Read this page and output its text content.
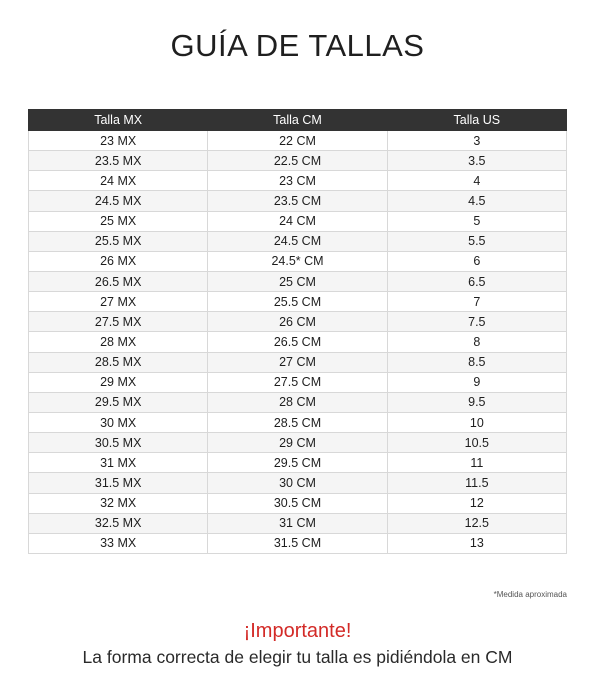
GUÍA DE TALLAS
Talla MX	Talla CM	Talla US
23 MX	22 CM	3
23.5 MX	22.5 CM	3.5
24 MX	23 CM	4
24.5 MX	23.5 CM	4.5
25 MX	24 CM	5
25.5 MX	24.5 CM	5.5
26 MX	24.5* CM	6
26.5 MX	25 CM	6.5
27 MX	25.5 CM	7
27.5 MX	26 CM	7.5
28 MX	26.5 CM	8
28.5 MX	27 CM	8.5
29 MX	27.5 CM	9
29.5 MX	28 CM	9.5
30 MX	28.5 CM	10
30.5 MX	29 CM	10.5
31 MX	29.5 CM	11
31.5 MX	30 CM	11.5
32 MX	30.5 CM	12
32.5 MX	31 CM	12.5
33 MX	31.5 CM	13
*Medida aproximada
¡Importante!
La forma correcta de elegir tu talla es pidiéndola en CM
